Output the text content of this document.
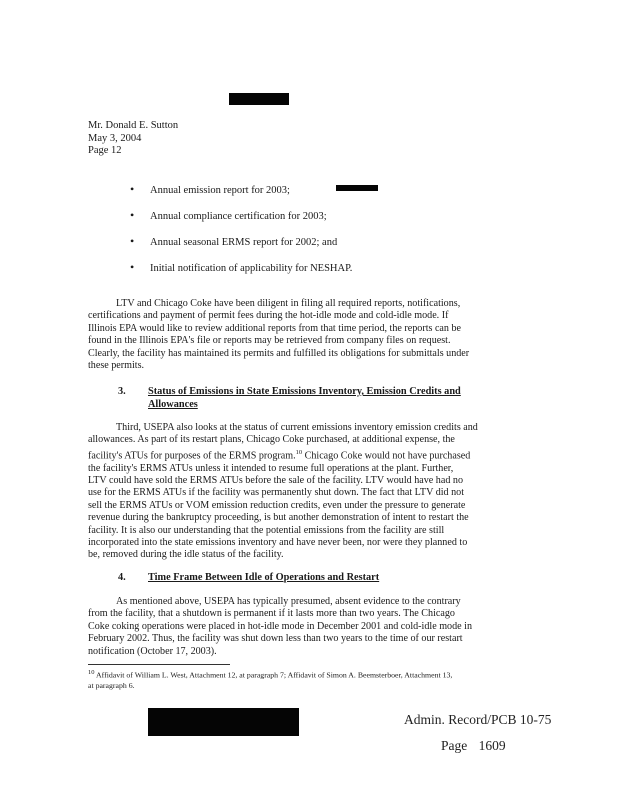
Mr. Donald E. Sutton
May 3, 2004
Page 12
• Annual emission report for 2003;
• Annual compliance certification for 2003;
• Annual seasonal ERMS report for 2002; and
• Initial notification of applicability for NESHAP.
LTV and Chicago Coke have been diligent in filing all required reports, notifications,
certifications and payment of permit fees during the hot-idle mode and cold-idle mode. If
Illinois EPA would like to review additional reports from that time period, the reports can be
found in the Illinois EPA's file or reports may be retrieved from company files on request.
Clearly, the facility has maintained its permits and fulfilled its obligations for submittals under
these permits.
3. Status of Emissions in State Emissions Inventory, Emission Credits and
Allowances
Third, USEPA also looks at the status of current emissions inventory emission credits and
allowances. As part of its restart plans, Chicago Coke purchased, at additional expense, the
facility's ATUs for purposes of the ERMS program.$^{10}$ Chicago Coke would not have purchased
the facility's ERMS ATUs unless it intended to resume full operations at the plant. Further,
LTV could have sold the ERMS ATUs before the sale of the facility. LTV would have had no
use for the ERMS ATUs if the facility was permanently shut down. The fact that LTV did not
sell the ERMS ATUs or VOM emission reduction credits, even under the pressure to generate
revenue during the bankruptcy proceeding, is but another demonstration of intent to restart the
facility. It is also our understanding that the potential emissions from the facility are still
incorporated into the state emissions inventory and have never been, nor were they planned to
be, removed during the idle status of the facility.
4. Time Frame Between Idle of Operations and Restart
As mentioned above, USEPA has typically presumed, absent evidence to the contrary
from the facility, that a shutdown is permanent if it lasts more than two years. The Chicago
Coke coking operations were placed in hot-idle mode in December 2001 and cold-idle mode in
February 2002. Thus, the facility was shut down less than two years to the time of our restart
notification (October 17, 2003).
$^{10}$ Affidavit of William L. West, Attachment 12, at paragraph 7; Affidavit of Simon A. Beemsterboer, Attachment 13,
at paragraph 6.
Admin. Record/PCB 10-75
Page 1609
